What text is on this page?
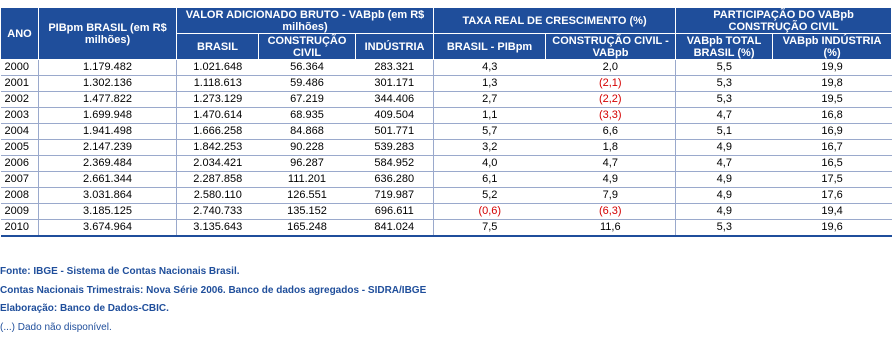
ANO	PIBpm BRASIL (em R$ milhões)	VALOR ADICIONADO BRUTO - VABpb (em R$ milhões)			TAXA REAL DE CRESCIMENTO (%)		PARTICIPAÇÃO DO VABpb CONSTRUÇÃO CIVIL	
		BRASIL	CONSTRUÇÃO CIVIL	INDÚSTRIA	BRASIL - PIBpm	CONSTRUÇÃO CIVIL - VABpb	VABpb TOTAL BRASIL (%)	VABpb INDÚSTRIA (%)
2000	1.179.482	1.021.648	56.364	283.321	4,3	2,0	5,5	19,9
2001	1.302.136	1.118.613	59.486	301.171	1,3	(2,1)	5,3	19,8
2002	1.477.822	1.273.129	67.219	344.406	2,7	(2,2)	5,3	19,5
2003	1.699.948	1.470.614	68.935	409.504	1,1	(3,3)	4,7	16,8
2004	1.941.498	1.666.258	84.868	501.771	5,7	6,6	5,1	16,9
2005	2.147.239	1.842.253	90.228	539.283	3,2	1,8	4,9	16,7
2006	2.369.484	2.034.421	96.287	584.952	4,0	4,7	4,7	16,5
2007	2.661.344	2.287.858	111.201	636.280	6,1	4,9	4,9	17,5
2008	3.031.864	2.580.110	126.551	719.987	5,2	7,9	4,9	17,6
2009	3.185.125	2.740.733	135.152	696.611	(0,6)	(6,3)	4,9	19,4
2010	3.674.964	3.135.643	165.248	841.024	7,5	11,6	5,3	19,6
Fonte: IBGE - Sistema de Contas Nacionais Brasil.
Contas Nacionais Trimestrais: Nova Série 2006. Banco de dados agregados - SIDRA/IBGE
Elaboração: Banco de Dados-CBIC.
(...) Dado não disponível.
